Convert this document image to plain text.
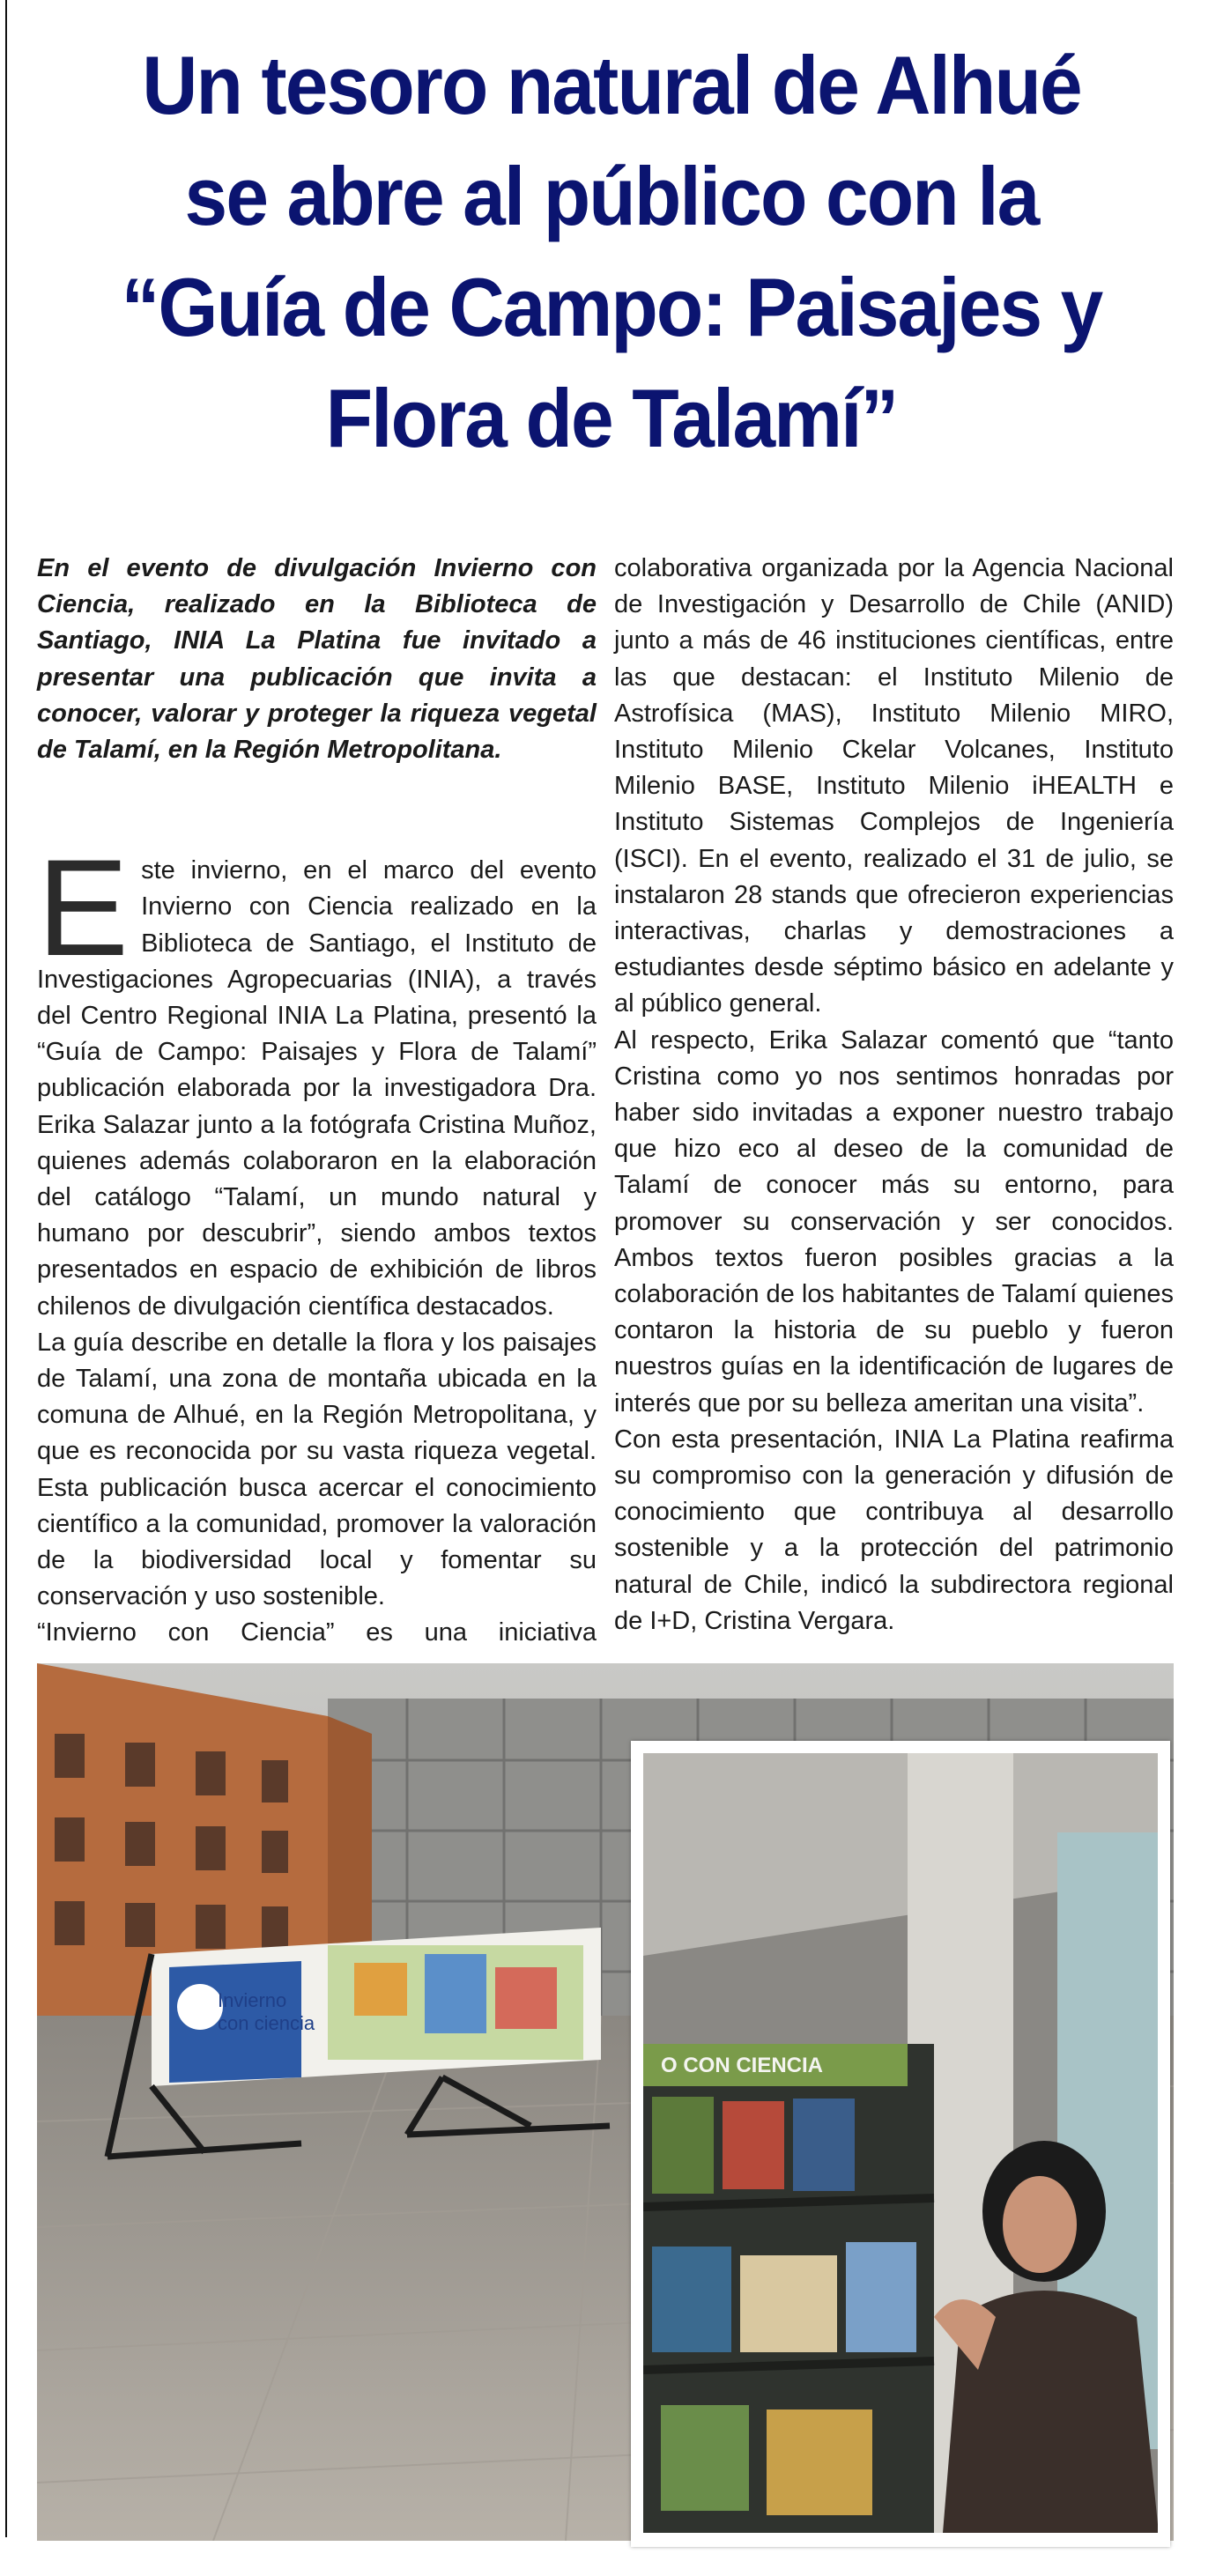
Un tesoro natural de Alhué
se abre al público con la
“Guía de Campo: Paisajes y
Flora de Talamí”

En el evento de divulgación Invierno con Ciencia, realizado en la Biblioteca de Santiago, INIA La Platina fue invitado a presentar una publicación que invita a conocer, valorar y proteger la riqueza vegetal de Talamí, en la Región Metropolitana.

Este invierno, en el marco del evento Invierno con Ciencia realizado en la Biblioteca de Santiago, el Instituto de Investigaciones Agropecuarias (INIA), a través del Centro Regional INIA La Platina, presentó la “Guía de Campo: Paisajes y Flora de Talamí” publicación elaborada por la investigadora Dra. Erika Salazar junto a la fotógrafa Cristina Muñoz, quienes además colaboraron en la elaboración del catálogo “Talamí, un mundo natural y humano por descubrir”, siendo ambos textos presentados en espacio de exhibición de libros chilenos de divulgación científica destacados.

La guía describe en detalle la flora y los paisajes de Talamí, una zona de montaña ubicada en la comuna de Alhué, en la Región Metropolitana, y que es reconocida por su vasta riqueza vegetal. Esta publicación busca acercar el conocimiento científico a la comunidad, promover la valoración de la biodiversidad local y fomentar su conservación y uso sostenible.

“Invierno con Ciencia” es una iniciativa

colaborativa organizada por la Agencia Nacional de Investigación y Desarrollo de Chile (ANID) junto a más de 46 instituciones científicas, entre las que destacan: el Instituto Milenio de Astrofísica (MAS), Instituto Milenio MIRO, Instituto Milenio Ckelar Volcanes, Instituto Milenio BASE, Instituto Milenio iHEALTH e Instituto Sistemas Complejos de Ingeniería (ISCI). En el evento, realizado el 31 de julio, se instalaron 28 stands que ofrecieron experiencias interactivas, charlas y demostraciones a estudiantes desde séptimo básico en adelante y al público general.

Al respecto, Erika Salazar comentó que “tanto Cristina como yo nos sentimos honradas por haber sido invitadas a exponer nuestro trabajo que hizo eco al deseo de la comunidad de Talamí de conocer más su entorno, para promover su conservación y ser conocidos. Ambos textos fueron posibles gracias a la colaboración de los habitantes de Talamí quienes contaron la historia de su pueblo y fueron nuestros guías en la identificación de lugares de interés que por su belleza ameritan una visita”.

Con esta presentación, INIA La Platina reafirma su compromiso con la generación y difusión de conocimiento que contribuya al desarrollo sostenible y a la protección del patrimonio natural de Chile, indicó la subdirectora regional de I+D, Cristina Vergara.

Invierno
con ciencia
O CON CIENCIA
